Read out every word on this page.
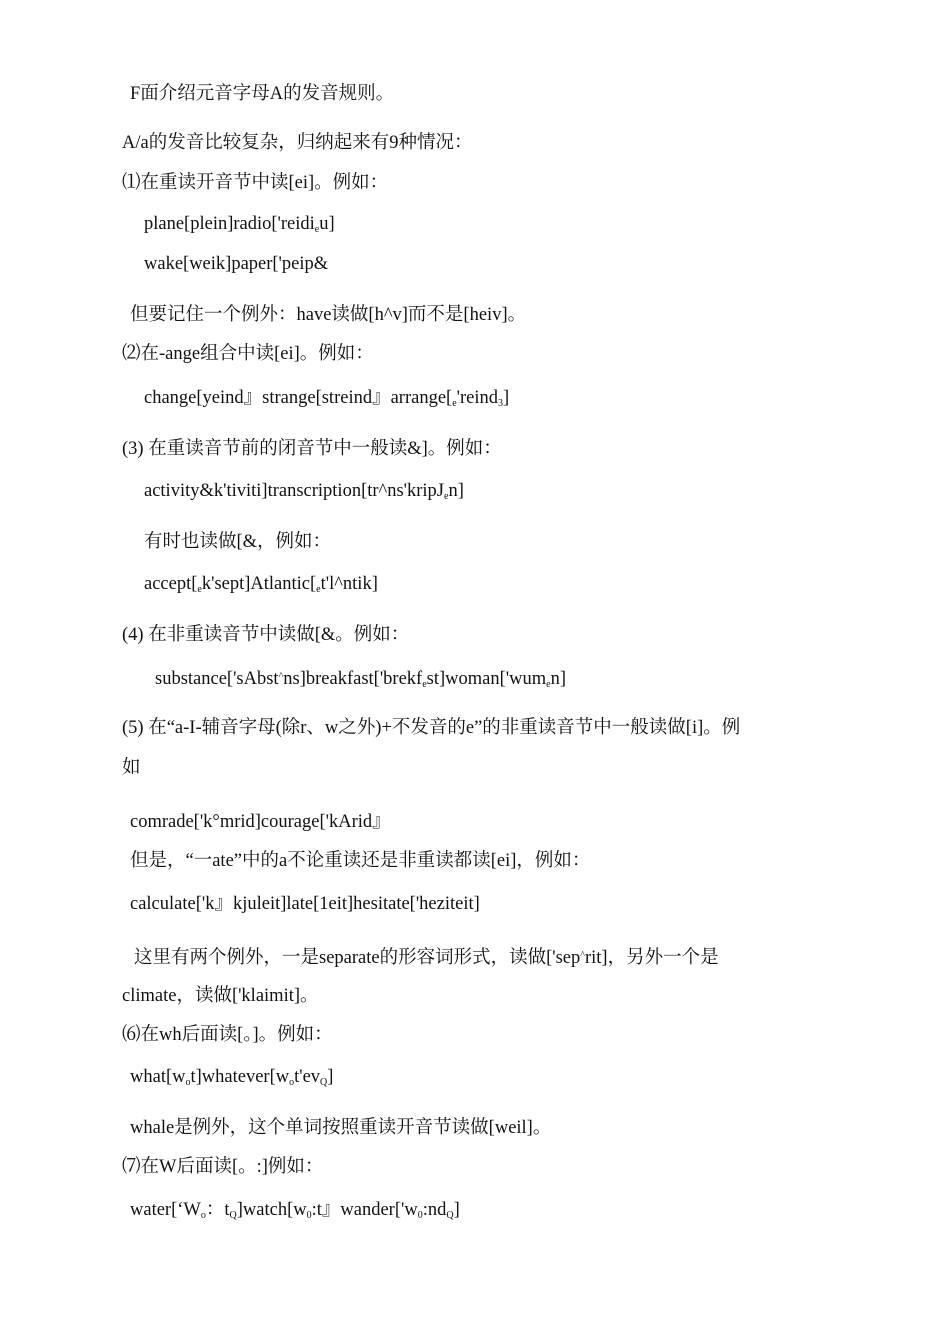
F面介绍元音字母A的发音规则。
A/a的发音比较复杂，归纳起来有9种情况：
⑴在重读开音节中读[ei]。例如：
plane[plein]radio['reidi$_e$u]
wake[weik]paper['peip&
但要记住一个例外：have读做[h^v]而不是[heiv]。
⑵在-ange组合中读[ei]。例如：
change[yeind』strange[streind』$arrange[_e'reind_3]$
(3) 在重读音节前的闭音节中一般读&]。例如：
activity&k'tiviti]transcription[tr^ns'kripJ$_e$n]
有时也读做[&，例如：
$accept[_ek'sept]Atlantic[_et'l\^{}ntik]$
(4) 在非重读音节中读做[&。例如：
substance['sAbst^ns]breakfast['brekf$_e$st]woman['wum$_e$n]
(5) 在“a-I-辅音字母(除r、w之外)+不发音的e”的非重读音节中一般读做[i]。例
如
comrade['k°mrid]courage['kArid』
但是，“一ate”中的a不论重读还是非重读都读[ei]，例如：
calculate['k』kjuleit]late[1eit]hesitate['heziteit]
这里有两个例外，一是separate的形容词形式，读做['sep^rit]，另外一个是
climate，读做['klaimit]。
⑹在wh后面读[。]。例如：
$what[w_ot]whatever[w_ot'ev_Q]$
whale是例外，这个单词按照重读开音节读做[weil]。
⑺在W后面读[。:]例如：
$water[‘W_o$：$t_Q]watch[w_0:t$』$wander['w_0:nd_Q]$
